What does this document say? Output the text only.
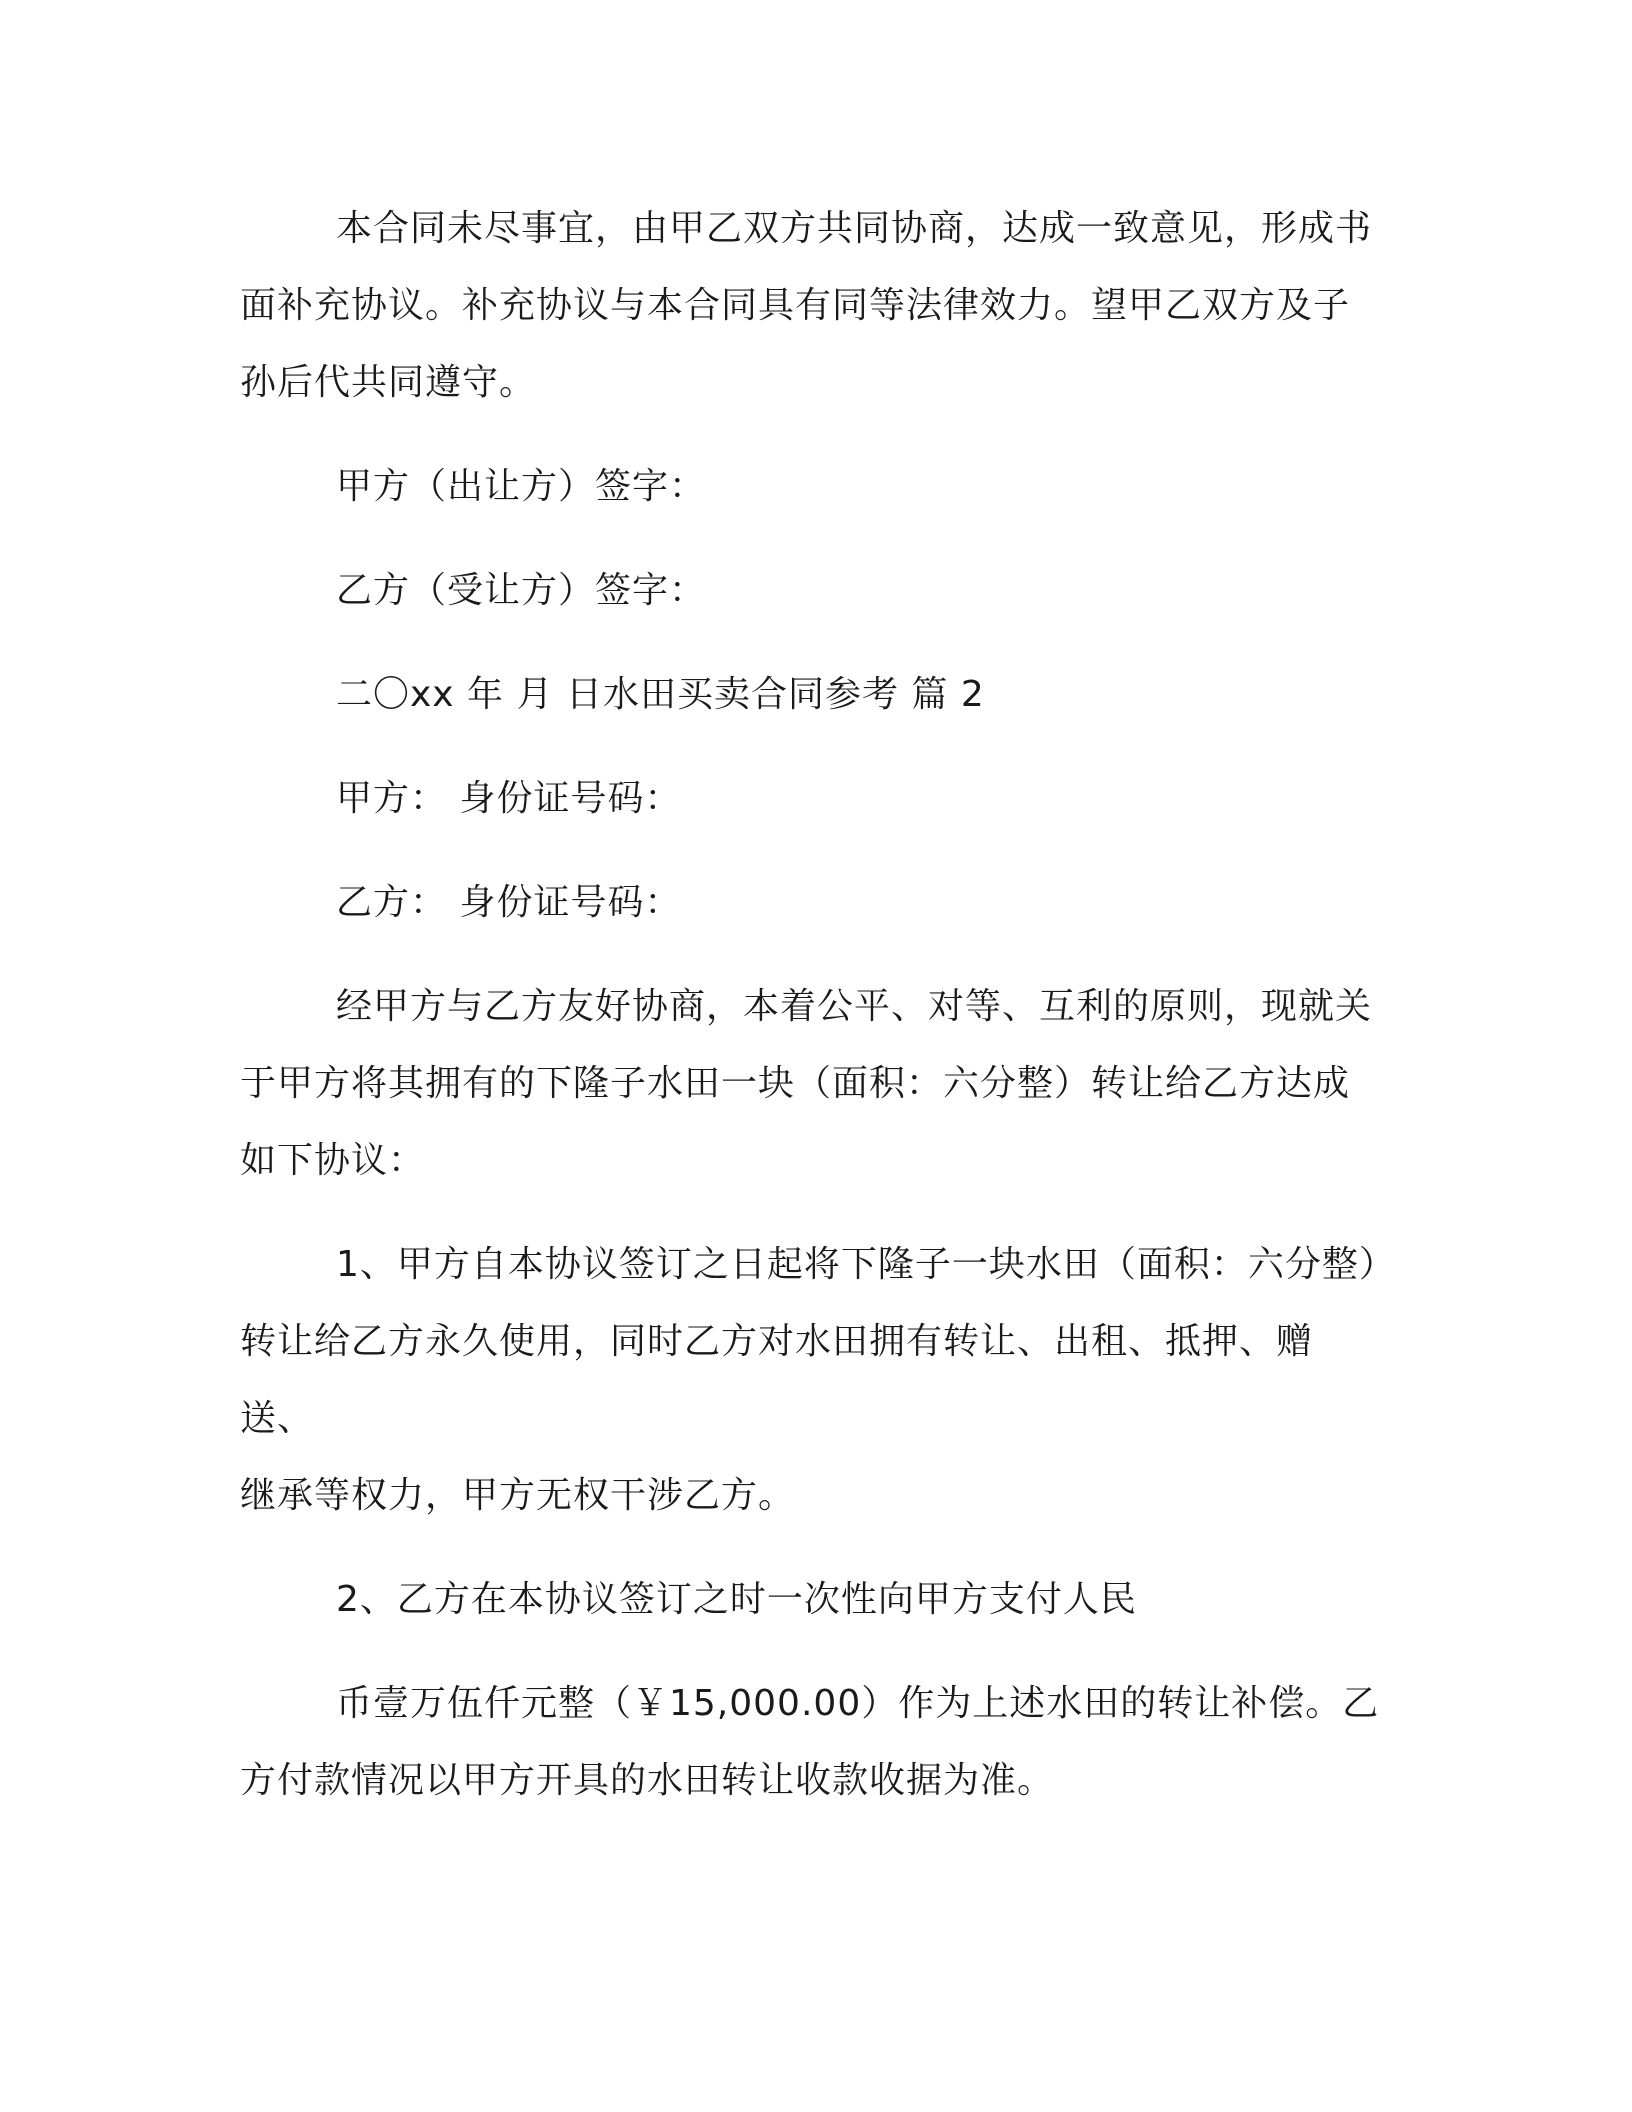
本合同未尽事宜，由甲乙双方共同协商，达成一致意见，形成书
面补充协议。补充协议与本合同具有同等法律效力。望甲乙双方及子
孙后代共同遵守。
甲方（出让方）签字：
乙方（受让方）签字：
二〇xx 年 月 日水田买卖合同参考 篇 2
甲方： 身份证号码：
乙方： 身份证号码：
经甲方与乙方友好协商，本着公平、对等、互利的原则，现就关
于甲方将其拥有的下隆子水田一块（面积：六分整）转让给乙方达成
如下协议：
1、甲方自本协议签订之日起将下隆子一块水田（面积：六分整）
转让给乙方永久使用，同时乙方对水田拥有转让、出租、抵押、赠送、
继承等权力，甲方无权干涉乙方。
2、乙方在本协议签订之时一次性向甲方支付人民
币壹万伍仟元整（￥15,000.00）作为上述水田的转让补偿。乙
方付款情况以甲方开具的水田转让收款收据为准。
